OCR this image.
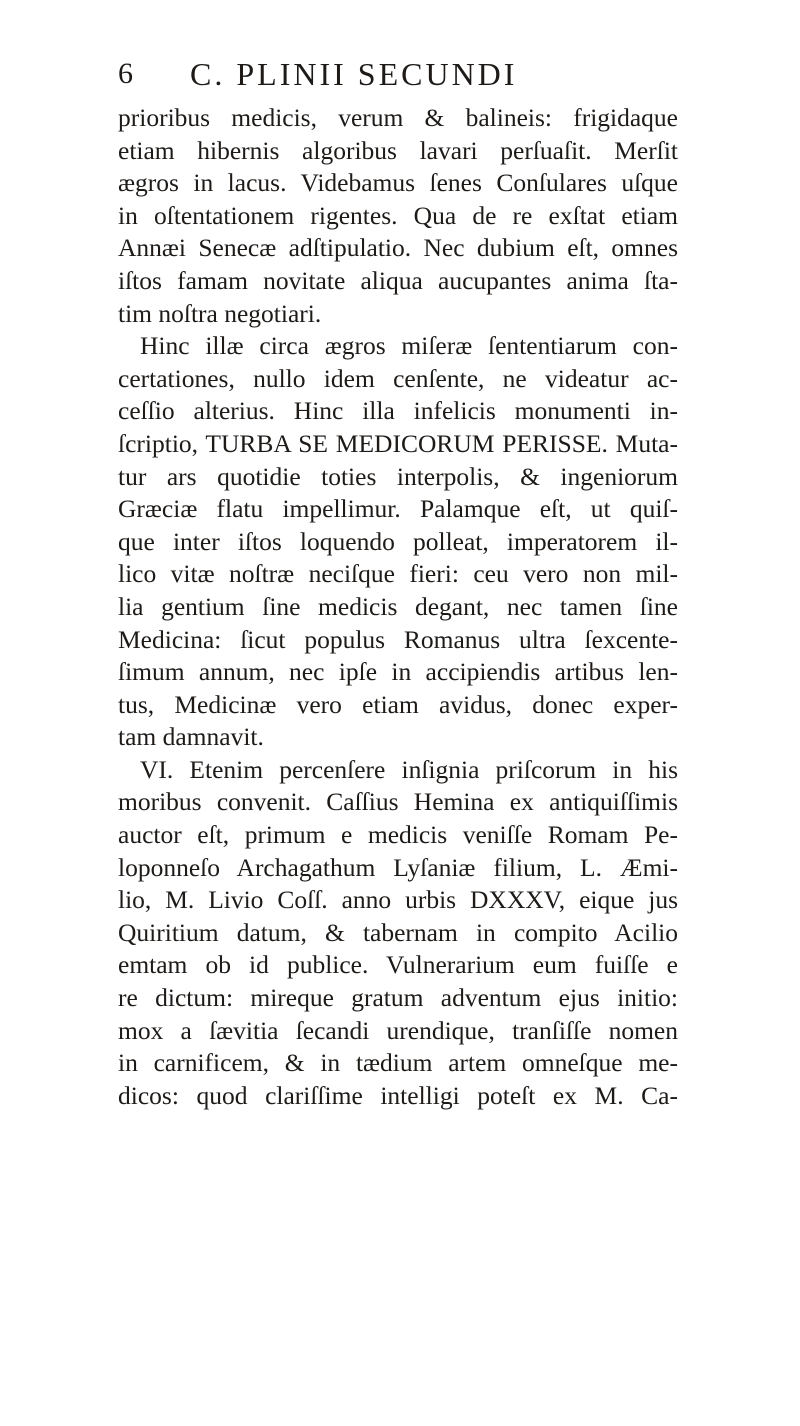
6	C. PLINII SECUNDI
prioribus medicis, verum & balineis: frigidaque
etiam hibernis algoribus lavari perſuaſit. Merſit
ægros in lacus. Videbamus ſenes Conſulares uſque
in oſtentationem rigentes. Qua de re exſtat etiam
Annæi Senecæ adſtipulatio. Nec dubium eſt, omnes
iſtos famam novitate aliqua aucupantes anima ſta-
tim noſtra negotiari.
Hinc illæ circa ægros miſeræ ſententiarum con-
certationes, nullo idem cenſente, ne videatur ac-
ceſſio alterius. Hinc illa infelicis monumenti in-
ſcriptio, TURBA SE MEDICORUM PERISSE. Muta-
tur ars quotidie toties interpolis, & ingeniorum
Græciæ flatu impellimur. Palamque eſt, ut quiſ-
que inter iſtos loquendo polleat, imperatorem il-
lico vitæ noſtræ neciſque fieri: ceu vero non mil-
lia gentium ſine medicis degant, nec tamen ſine
Medicina: ſicut populus Romanus ultra ſexcente-
ſimum annum, nec ipſe in accipiendis artibus len-
tus, Medicinæ vero etiam avidus, donec exper-
tam damnavit.
VI. Etenim percenſere inſignia priſcorum in his
moribus convenit. Caſſius Hemina ex antiquiſſimis
auctor eſt, primum e medicis veniſſe Romam Pe-
loponneſo Archagathum Lyſaniæ filium, L. Æmi-
lio, M. Livio Coſſ. anno urbis DXXXV, eique jus
Quiritium datum, & tabernam in compito Acilio
emtam ob id publice. Vulnerarium eum fuiſſe e
re dictum: mireque gratum adventum ejus initio:
mox a ſævitia ſecandi urendique, tranſiſſe nomen
in carnificem, & in tædium artem omneſque me-
dicos: quod clariſſime intelligi poteſt ex M. Ca-
